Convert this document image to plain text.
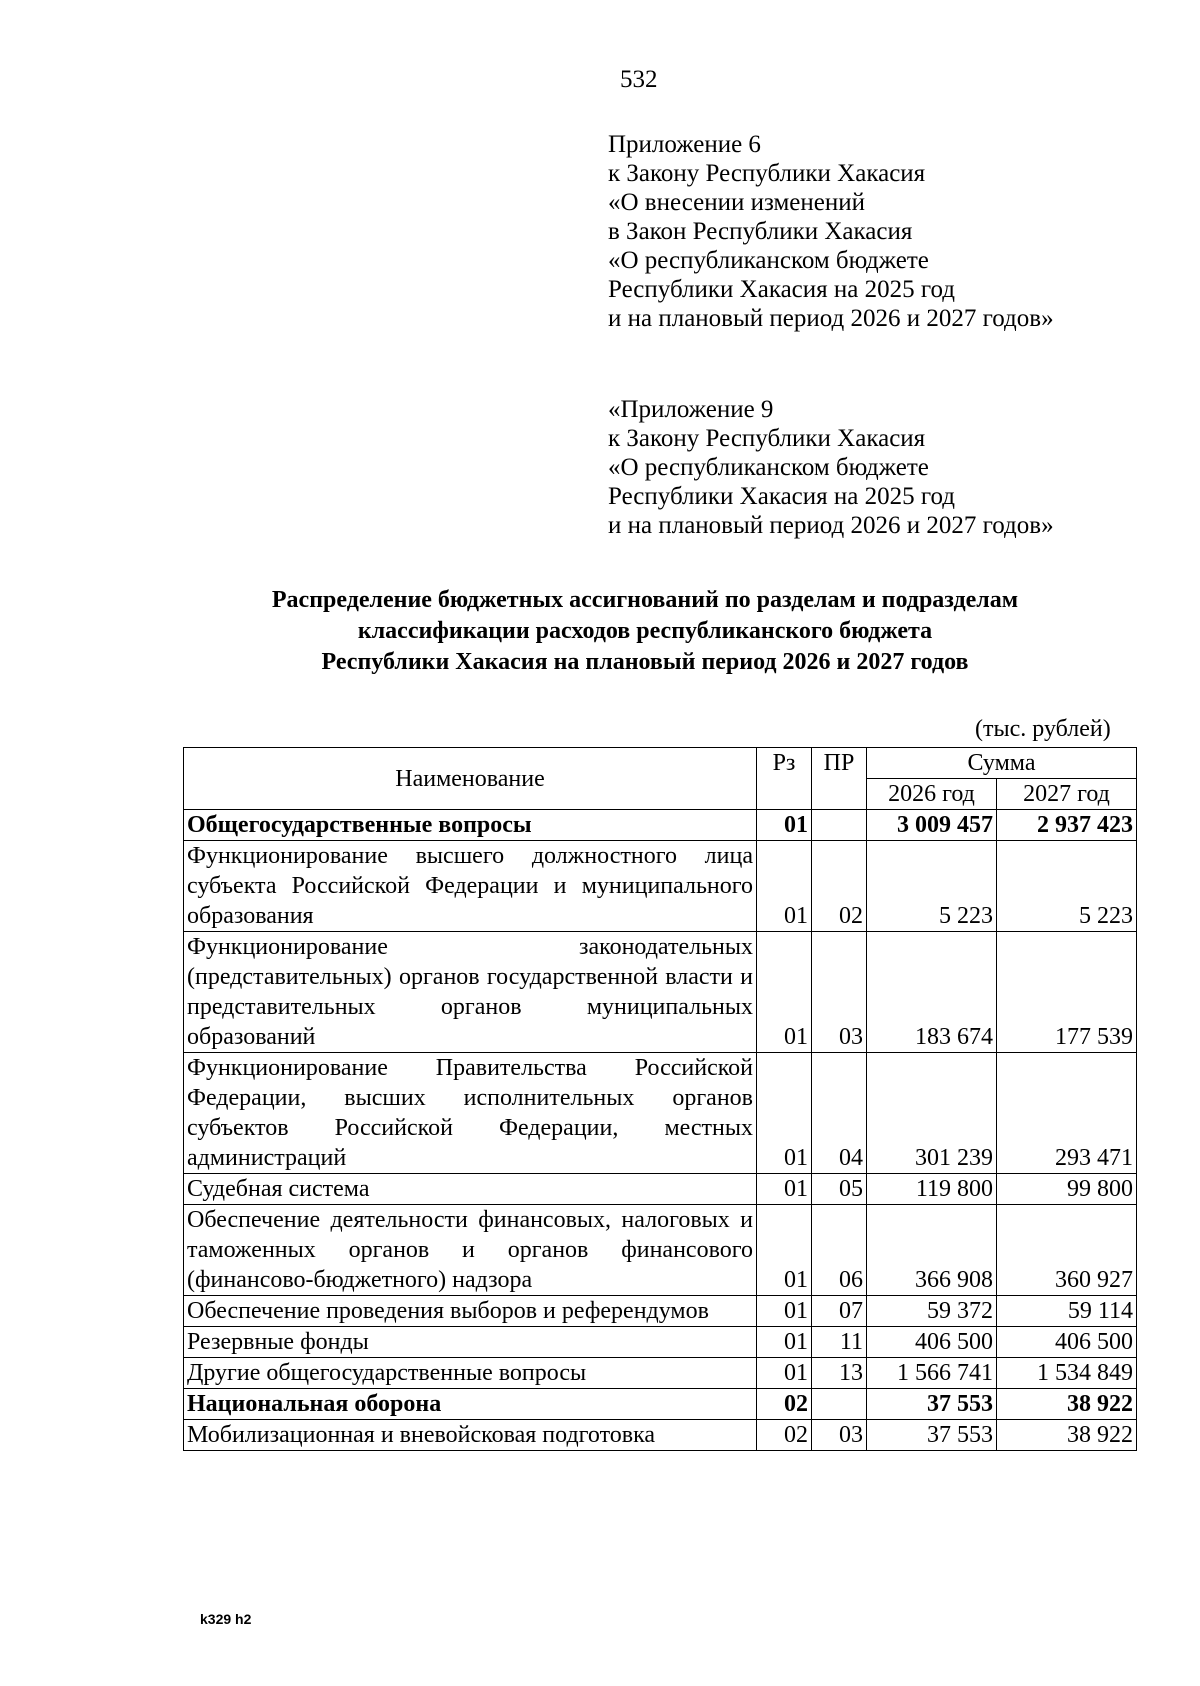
532
Приложение 6
к Закону Республики Хакасия
«О внесении изменений
в Закон Республики Хакасия
«О республиканском бюджете
Республики Хакасия на 2025 год
и на плановый период 2026 и 2027 годов»
«Приложение 9
к Закону Республики Хакасия
«О республиканском бюджете
Республики Хакасия на 2025 год
и на плановый период 2026 и 2027 годов»
Распределение бюджетных ассигнований по разделам и подразделам
классификации расходов республиканского бюджета
Республики Хакасия на плановый период 2026 и 2027 годов
(тыс. рублей)
Наименование	Рз	ПР	Сумма	
			2026 год	2027 год
Общегосударственные вопросы	01		3 009 457	2 937 423
Функционирование высшего должностного лица субъекта Российской Федерации и муниципального образования	01	02	5 223	5 223
Функционирование законодательных (представительных) органов государственной власти и представительных органов муниципальных образований	01	03	183 674	177 539
Функционирование Правительства Российской Федерации, высших исполнительных органов субъектов Российской Федерации, местных администраций	01	04	301 239	293 471
Судебная система	01	05	119 800	99 800
Обеспечение деятельности финансовых, налоговых и таможенных органов и органов финансового (финансово-бюджетного) надзора	01	06	366 908	360 927
Обеспечение проведения выборов и референдумов	01	07	59 372	59 114
Резервные фонды	01	11	406 500	406 500
Другие общегосударственные вопросы	01	13	1 566 741	1 534 849
Национальная оборона	02		37 553	38 922
Мобилизационная и вневойсковая подготовка	02	03	37 553	38 922
k329 h2
